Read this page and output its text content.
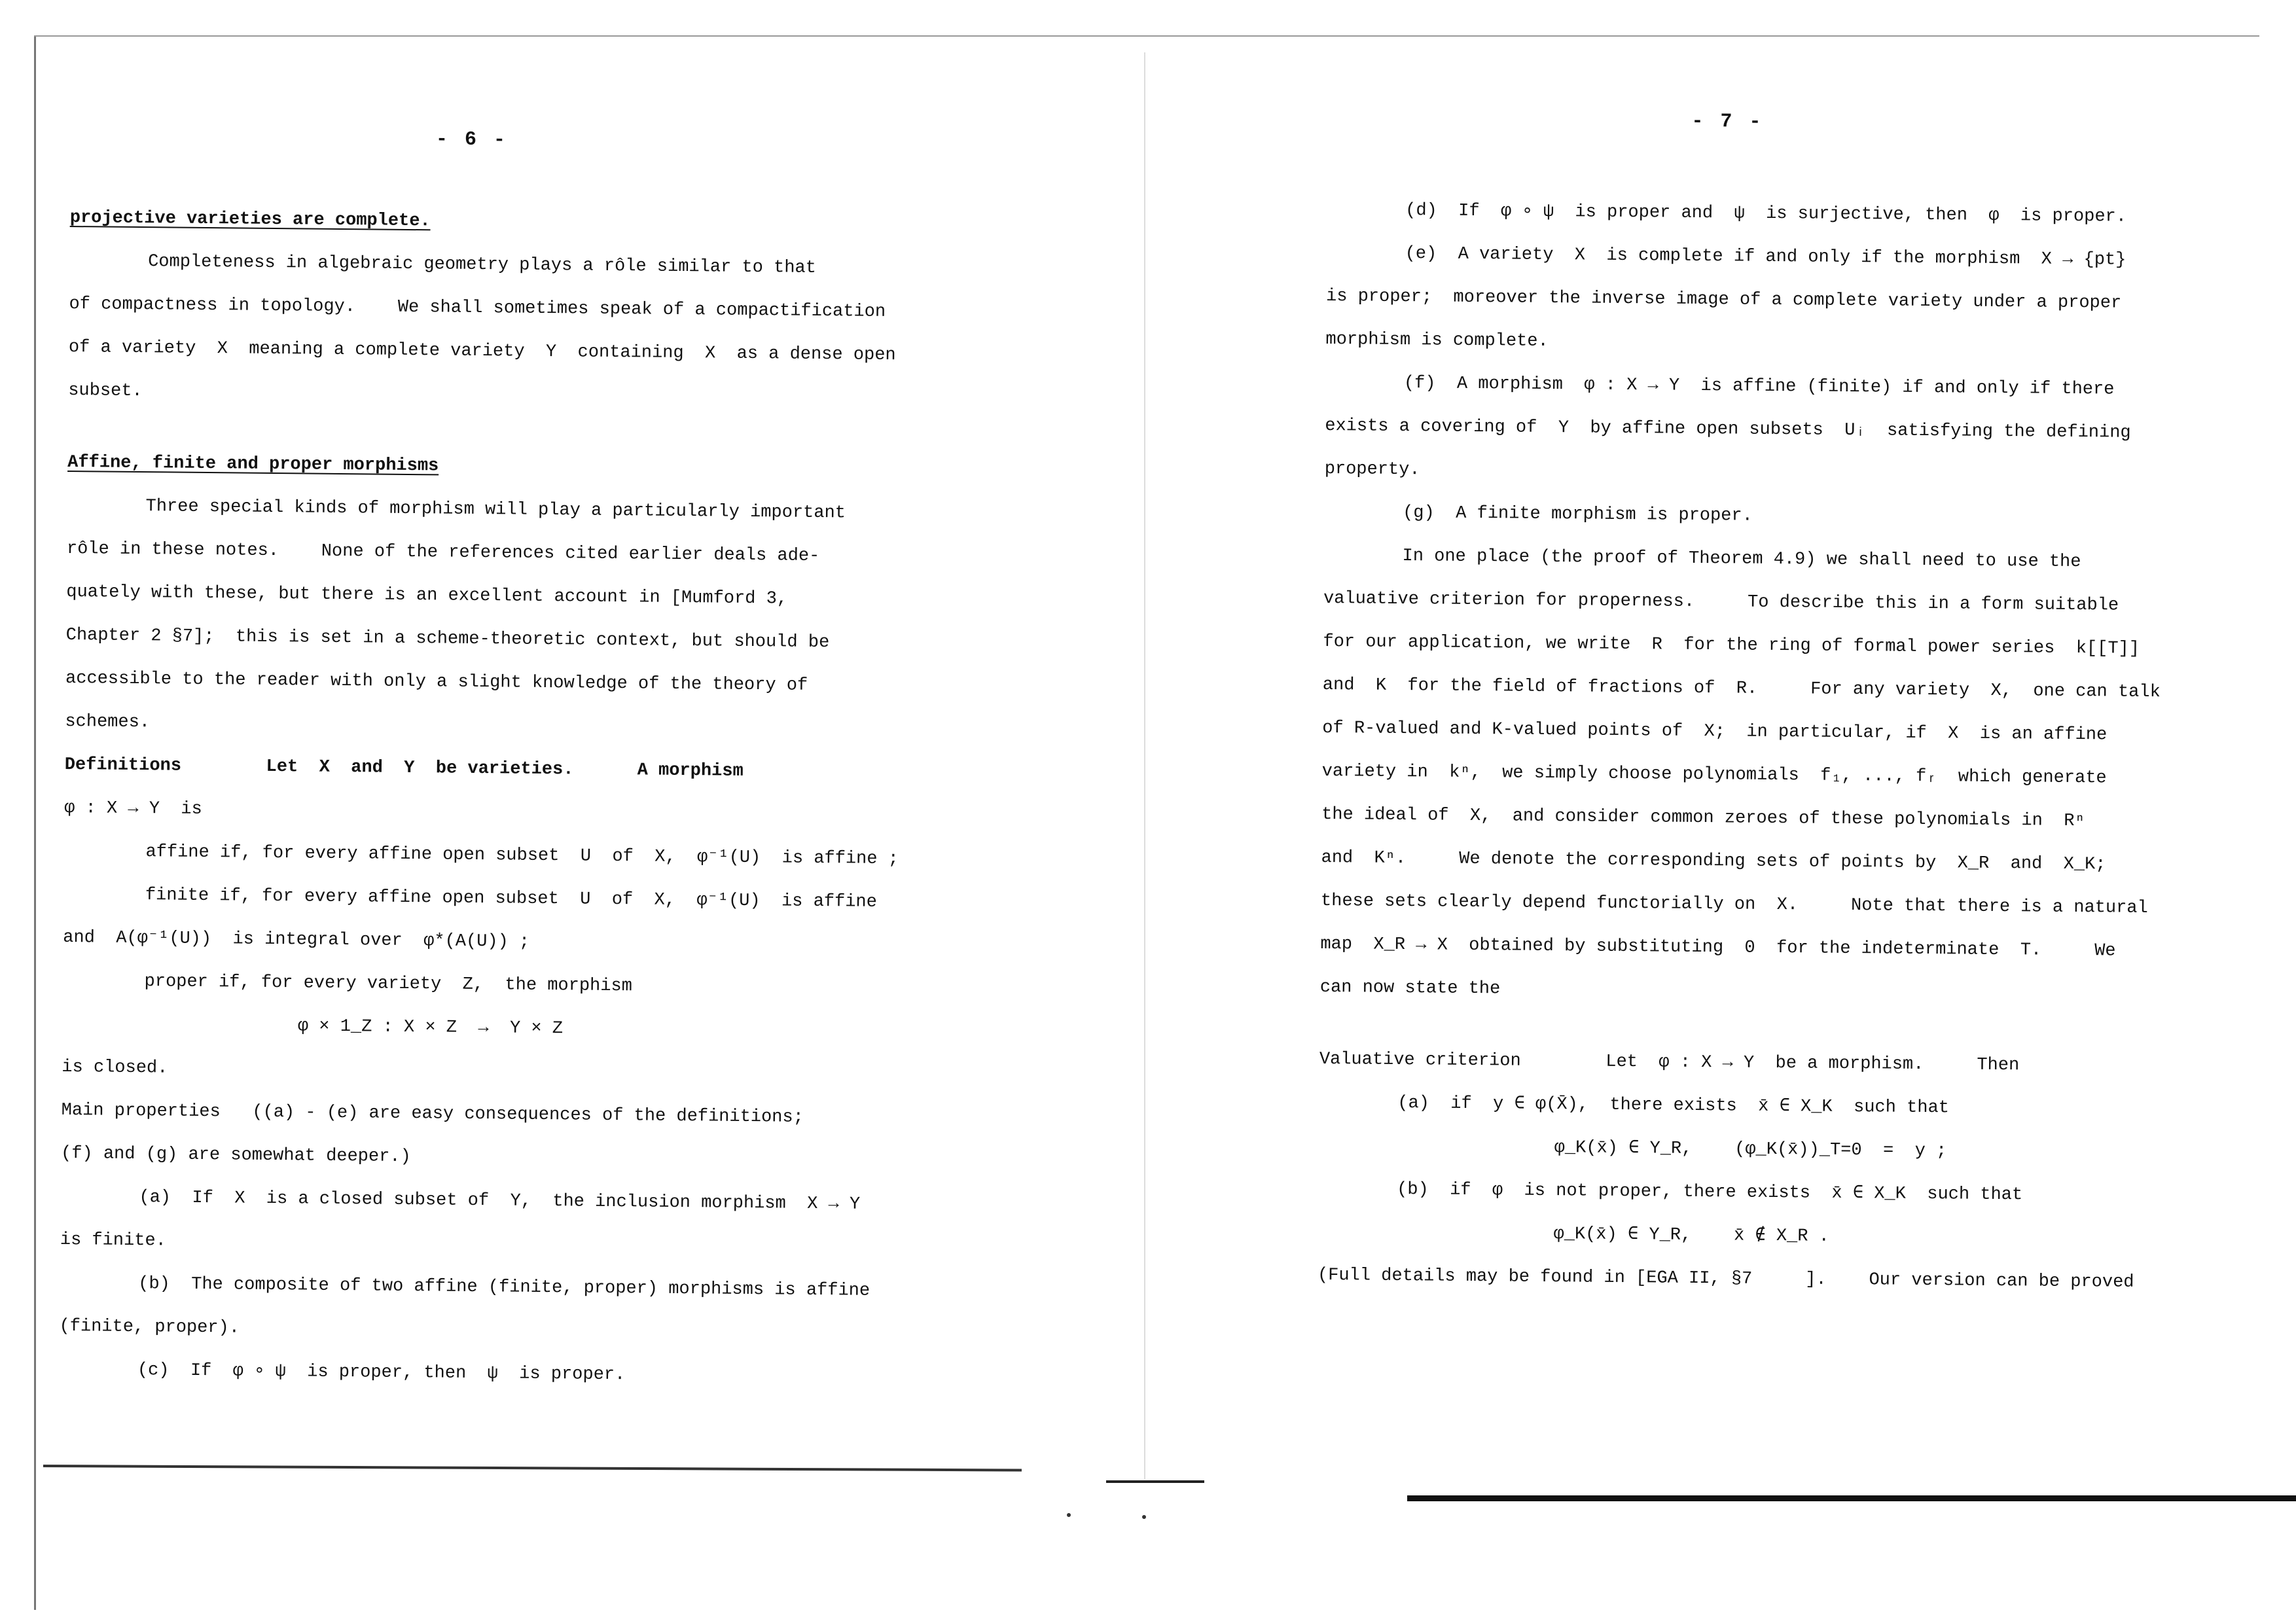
- 6 -
projective varieties are complete.
Completeness in algebraic geometry plays a rôle similar to that
of compactness in topology.    We shall sometimes speak of a compactification
of a variety  X  meaning a complete variety  Y  containing  X  as a dense open
subset.
Affine, finite and proper morphisms
Three special kinds of morphism will play a particularly important
rôle in these notes.    None of the references cited earlier deals ade-
quately with these, but there is an excellent account in [Mumford 3,
Chapter 2 §7];  this is set in a scheme-theoretic context, but should be
accessible to the reader with only a slight knowledge of the theory of
schemes.
Definitions        Let  X  and  Y  be varieties.      A morphism
φ : X → Y  is
affine if, for every affine open subset  U  of  X,  φ⁻¹(U)  is affine ;
finite if, for every affine open subset  U  of  X,  φ⁻¹(U)  is affine
and  A(φ⁻¹(U))  is integral over  φ*(A(U)) ;
proper if, for every variety  Z,  the morphism
φ × 1_Z : X × Z  →  Y × Z
is closed.
Main properties   ((a) - (e) are easy consequences of the definitions;
(f) and (g) are somewhat deeper.)
(a)  If  X  is a closed subset of  Y,  the inclusion morphism  X → Y
is finite.
(b)  The composite of two affine (finite, proper) morphisms is affine
(finite, proper).
(c)  If  φ ∘ ψ  is proper, then  ψ  is proper.
- 7 -
(d)  If  φ ∘ ψ  is proper and  ψ  is surjective, then  φ  is proper.
(e)  A variety  X  is complete if and only if the morphism  X → {pt}
is proper;  moreover the inverse image of a complete variety under a proper
morphism is complete.
(f)  A morphism  φ : X → Y  is affine (finite) if and only if there
exists a covering of  Y  by affine open subsets  Uᵢ  satisfying the defining
property.
(g)  A finite morphism is proper.
In one place (the proof of Theorem 4.9) we shall need to use the
valuative criterion for properness.     To describe this in a form suitable
for our application, we write  R  for the ring of formal power series  k[[T]]
and  K  for the field of fractions of  R.     For any variety  X,  one can talk
of R-valued and K-valued points of  X;  in particular, if  X  is an affine
variety in  kⁿ,  we simply choose polynomials  f₁, ..., fᵣ  which generate
the ideal of  X,  and consider common zeroes of these polynomials in  Rⁿ
and  Kⁿ.     We denote the corresponding sets of points by  X_R  and  X_K;
these sets clearly depend functorially on  X.     Note that there is a natural
map  X_R → X  obtained by substituting  0  for the indeterminate  T.     We
can now state the
Valuative criterion        Let  φ : X → Y  be a morphism.     Then
(a)  if  y ∈ φ(X̄),  there exists  x̄ ∈ X_K  such that
φ_K(x̄) ∈ Y_R,    (φ_K(x̄))_T=0  =  y ;
(b)  if  φ  is not proper, there exists  x̄ ∈ X_K  such that
φ_K(x̄) ∈ Y_R,    x̄ ∉ X_R .
(Full details may be found in [EGA II, §7     ].    Our version can be proved
